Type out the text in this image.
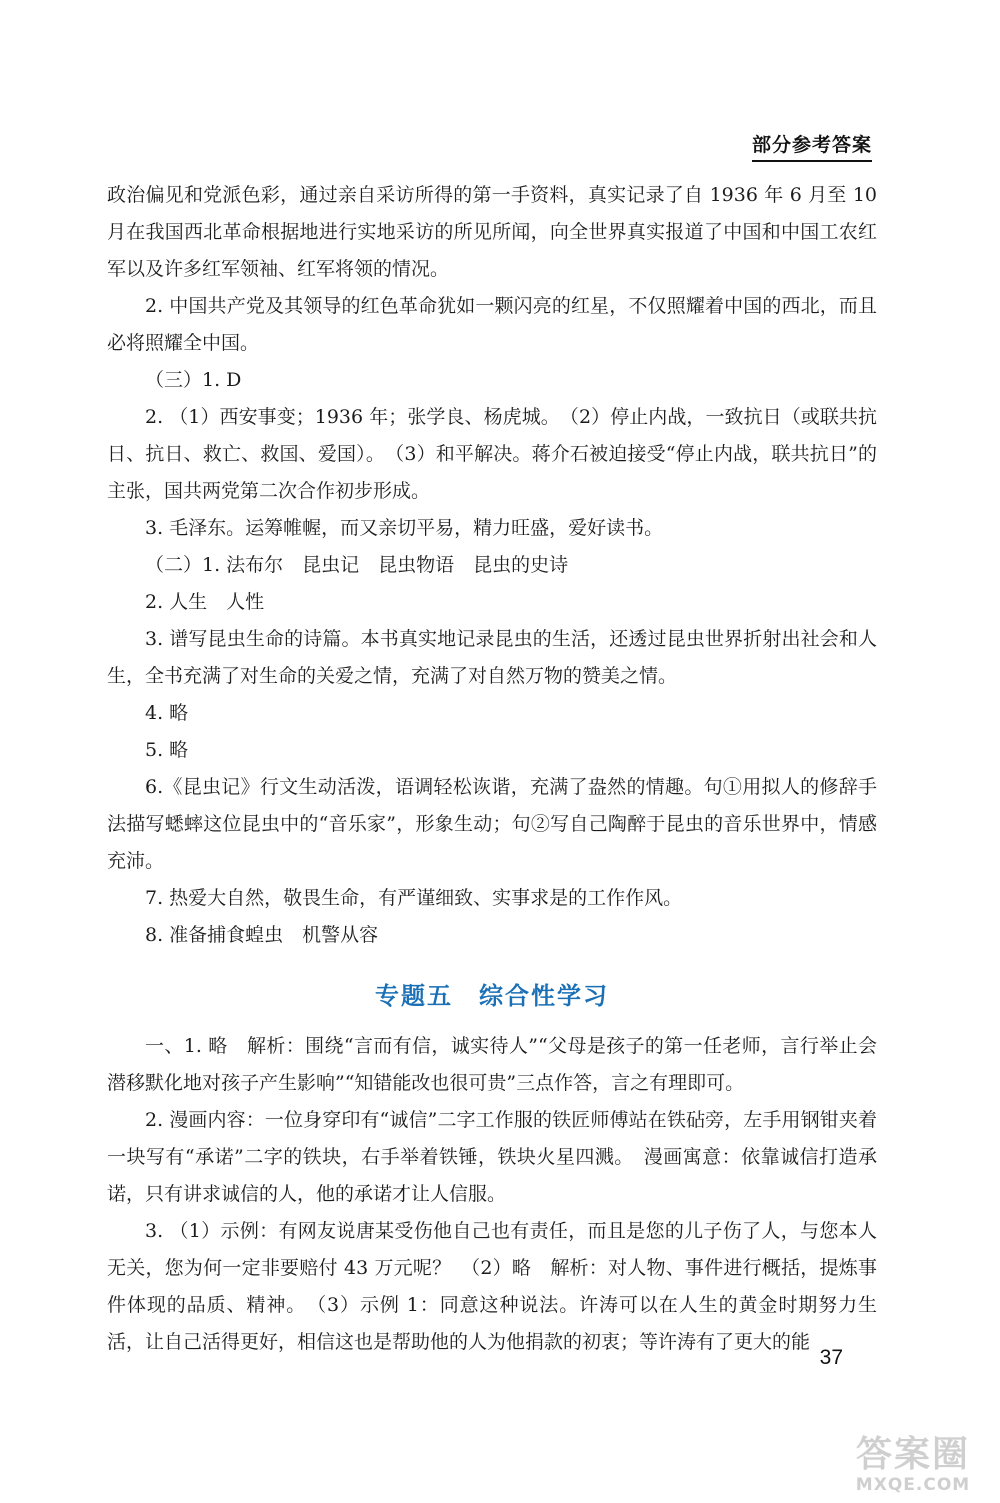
部分参考答案

政治偏见和党派色彩，通过亲自采访所得的第一手资料，真实记录了自 1936 年 6 月至 10 月在我国西北革命根据地进行实地采访的所见所闻，向全世界真实报道了中国和中国工农红军以及许多红军领袖、红军将领的情况。

2. 中国共产党及其领导的红色革命犹如一颗闪亮的红星，不仅照耀着中国的西北，而且必将照耀全中国。

（三）1. D

2. （1）西安事变；1936 年；张学良、杨虎城。　（2）停止内战，一致抗日（或联共抗日、抗日、救亡、救国、爱国）。　（3）和平解决。蒋介石被迫接受“停止内战，联共抗日”的主张，国共两党第二次合作初步形成。

3. 毛泽东。运筹帷幄，而又亲切平易，精力旺盛，爱好读书。

（二）1. 法布尔　昆虫记　昆虫物语　昆虫的史诗

2. 人生　人性

3. 谱写昆虫生命的诗篇。本书真实地记录昆虫的生活，还透过昆虫世界折射出社会和人生，全书充满了对生命的关爱之情，充满了对自然万物的赞美之情。

4. 略

5. 略

6.《昆虫记》行文生动活泼，语调轻松诙谐，充满了盎然的情趣。句①用拟人的修辞手法描写蟋蟀这位昆虫中的“音乐家”，形象生动；句②写自己陶醉于昆虫的音乐世界中，情感充沛。

7. 热爱大自然，敬畏生命，有严谨细致、实事求是的工作作风。

8. 准备捕食蝗虫　机警从容

专题五　综合性学习

一、1. 略　解析：围绕“言而有信，诚实待人”“父母是孩子的第一任老师，言行举止会潜移默化地对孩子产生影响”“知错能改也很可贵”三点作答，言之有理即可。

2. 漫画内容：一位身穿印有“诚信”二字工作服的铁匠师傅站在铁砧旁，左手用钢钳夹着一块写有“承诺”二字的铁块，右手举着铁锤，铁块火星四溅。　漫画寓意：依靠诚信打造承诺，只有讲求诚信的人，他的承诺才让人信服。

3. （1）示例：有网友说唐某受伤他自己也有责任，而且是您的儿子伤了人，与您本人无关，您为何一定非要赔付 43 万元呢？　（2）略　解析：对人物、事件进行概括，提炼事件体现的品质、精神。　（3）示例 1：同意这种说法。许涛可以在人生的黄金时期努力生活，让自己活得更好，相信这也是帮助他的人为他捐款的初衷；等许涛有了更大的能

37
答案圈
MXQE.COM
